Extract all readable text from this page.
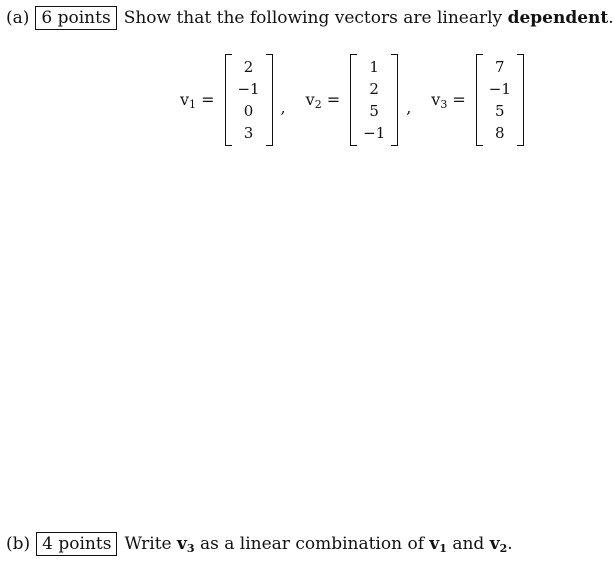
(a) 6 points Show that the following vectors are linearly
dependent .
$v_1$ =
2
−1
0
3
, $v_2$ =
1
2
5
−1
, $v_3$ =
7
−1
5
8
(b) 4 points Write
$v_3$
as a linear combination of
v1
and
v2 .
